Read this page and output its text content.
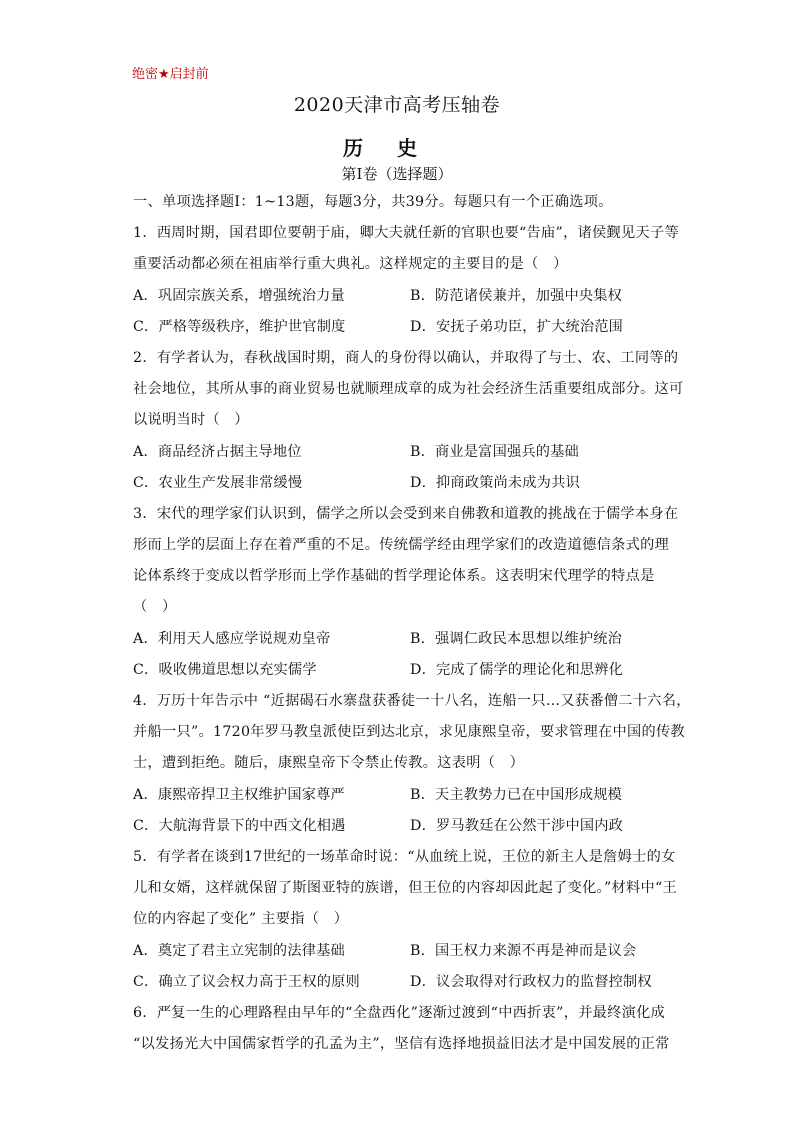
绝密★启封前
2020天津市高考压轴卷
历史
第Ⅰ卷（选择题）
一、单项选择题Ⅰ：1~13题，每题3分，共39分。每题只有一个正确选项。
1．西周时期，国君即位要朝于庙，卿大夫就任新的官职也要“告庙”，诸侯觐见天子等
重要活动都必须在祖庙举行重大典礼。这样规定的主要目的是（　）
A．巩固宗族关系，增强统治力量	B．防范诸侯兼并，加强中央集权
C．严格等级秩序，维护世官制度	D．安抚子弟功臣，扩大统治范围
2．有学者认为，春秋战国时期，商人的身份得以确认，并取得了与士、农、工同等的
社会地位，其所从事的商业贸易也就顺理成章的成为社会经济生活重要组成部分。这可
以说明当时（　）
A．商品经济占据主导地位	B．商业是富国强兵的基础
C．农业生产发展非常缓慢	D．抑商政策尚未成为共识
3．宋代的理学家们认识到，儒学之所以会受到来自佛教和道教的挑战在于儒学本身在
形而上学的层面上存在着严重的不足。传统儒学经由理学家们的改造道德信条式的理
论体系终于变成以哲学形而上学作基础的哲学理论体系。这表明宋代理学的特点是
（　）
A．利用天人感应学说规劝皇帝	B．强调仁政民本思想以维护统治
C．吸收佛道思想以充实儒学	D．完成了儒学的理论化和思辨化
4．万历十年告示中 “近据碣石水寨盘获番徒一十八名，连船一只…又获番僧二十六名，
并船一只”。1720年罗马教皇派使臣到达北京，求见康熙皇帝，要求管理在中国的传教
士，遭到拒绝。随后，康熙皇帝下令禁止传教。这表明（　）
A．康熙帝捍卫主权维护国家尊严	B．天主教势力已在中国形成规模
C．大航海背景下的中西文化相遇	D．罗马教廷在公然干涉中国内政
5．有学者在谈到17世纪的一场革命时说：“从血统上说，王位的新主人是詹姆士的女
儿和女婿，这样就保留了斯图亚特的族谱，但王位的内容却因此起了变化。”材料中“王
位的内容起了变化” 主要指（　）
A．奠定了君主立宪制的法律基础	B．国王权力来源不再是神而是议会
C．确立了议会权力高于王权的原则	D．议会取得对行政权力的监督控制权
6．严复一生的心理路程由早年的“全盘西化”逐渐过渡到“中西折衷”，并最终演化成
“以发扬光大中国儒家哲学的孔孟为主”，坚信有选择地损益旧法才是中国发展的正常
